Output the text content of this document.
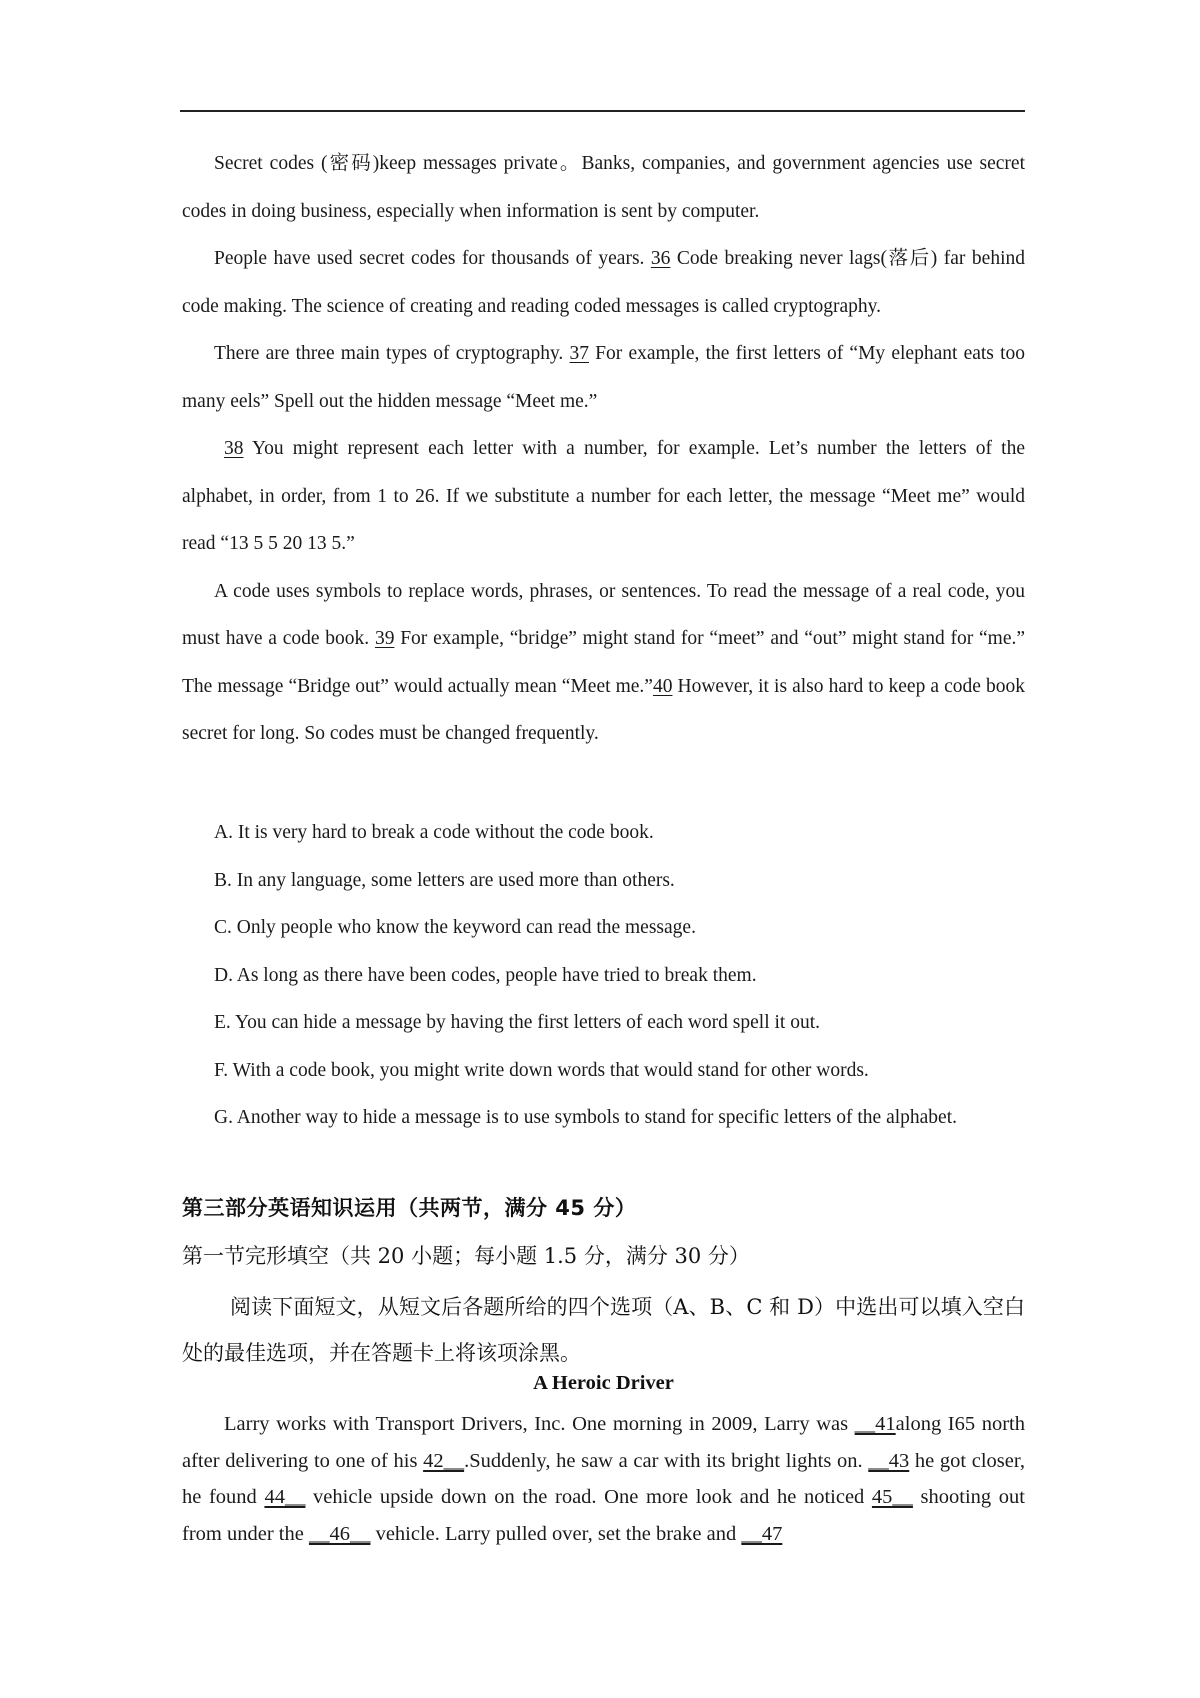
Secret codes (密码)keep messages private。Banks, companies, and government agencies use secret codes in doing business, especially when information is sent by computer.

People have used secret codes for thousands of years. 36 Code breaking never lags(落后) far behind code making. The science of creating and reading coded messages is called cryptography.

There are three main types of cryptography. 37 For example, the first letters of “My elephant eats too many eels” Spell out the hidden message “Meet me.”

38 You might represent each letter with a number, for example. Let’s number the letters of the alphabet, in order, from 1 to 26. If we substitute a number for each letter, the message “Meet me” would read “13 5 5 20 13 5.”

A code uses symbols to replace words, phrases, or sentences. To read the message of a real code, you must have a code book. 39 For example, “bridge” might stand for “meet” and “out” might stand for “me.” The message “Bridge out” would actually mean “Meet me.”40 However, it is also hard to keep a code book secret for long. So codes must be changed frequently.

A. It is very hard to break a code without the code book.

B. In any language, some letters are used more than others.

C. Only people who know the keyword can read the message.

D. As long as there have been codes, people have tried to break them.

E. You can hide a message by having the first letters of each word spell it out.

F. With a code book, you might write down words that would stand for other words.

G. Another way to hide a message is to use symbols to stand for specific letters of the alphabet.

第三部分英语知识运用（共两节，满分 45 分）
第一节完形填空（共 20 小题；每小题 1.5 分，满分 30 分）

阅读下面短文，从短文后各题所给的四个选项（A、B、C 和 D）中选出可以填入空白处的最佳选项，并在答题卡上将该项涂黑。

A Heroic Driver

Larry works with Transport Drivers, Inc. One morning in 2009, Larry was __41along I65 north after delivering to one of his 42__.Suddenly, he saw a car with its bright lights on. __43 he got closer, he found 44__ vehicle upside down on the road. One more look and he noticed 45__ shooting out from under the __46__ vehicle. Larry pulled over, set the brake and __47
